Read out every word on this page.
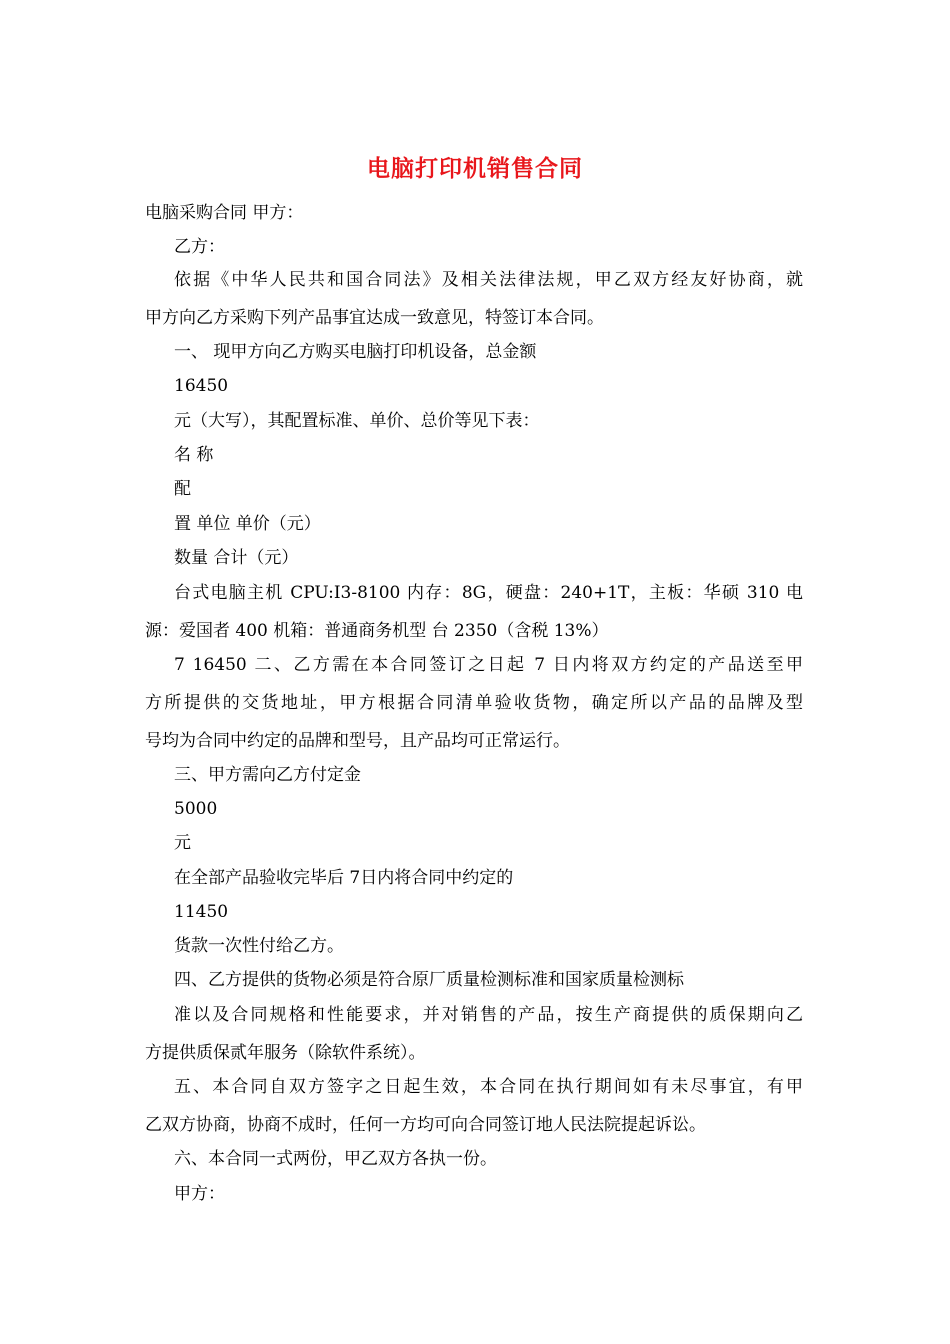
电脑打印机销售合同
电脑采购合同 甲方：
乙方：
依据《中华人民共和国合同法》及相关法律法规，甲乙双方经友好协商，就
甲方向乙方采购下列产品事宜达成一致意见，特签订本合同。
一、 现甲方向乙方购买电脑打印机设备，总金额
16450
元（大写），其配置标准、单价、总价等见下表：
名 称
配
置 单位 单价（元）
数量 合计（元）
台式电脑主机 CPU:I3-8100 内存：8G，硬盘：240+1T，主板：华硕 310 电
源：爱国者 400 机箱：普通商务机型 台 2350（含税 13%）
7 16450 二、乙方需在本合同签订之日起 7 日内将双方约定的产品送至甲
方所提供的交货地址，甲方根据合同清单验收货物，确定所以产品的品牌及型
号均为合同中约定的品牌和型号，且产品均可正常运行。
三、甲方需向乙方付定金
5000
元
在全部产品验收完毕后 7日内将合同中约定的
11450
货款一次性付给乙方。
四、乙方提供的货物必须是符合原厂质量检测标准和国家质量检测标
准以及合同规格和性能要求，并对销售的产品，按生产商提供的质保期向乙
方提供质保贰年服务（除软件系统）。
五、本合同自双方签字之日起生效，本合同在执行期间如有未尽事宜，有甲
乙双方协商，协商不成时，任何一方均可向合同签订地人民法院提起诉讼。
六、本合同一式两份，甲乙双方各执一份。
甲方：
